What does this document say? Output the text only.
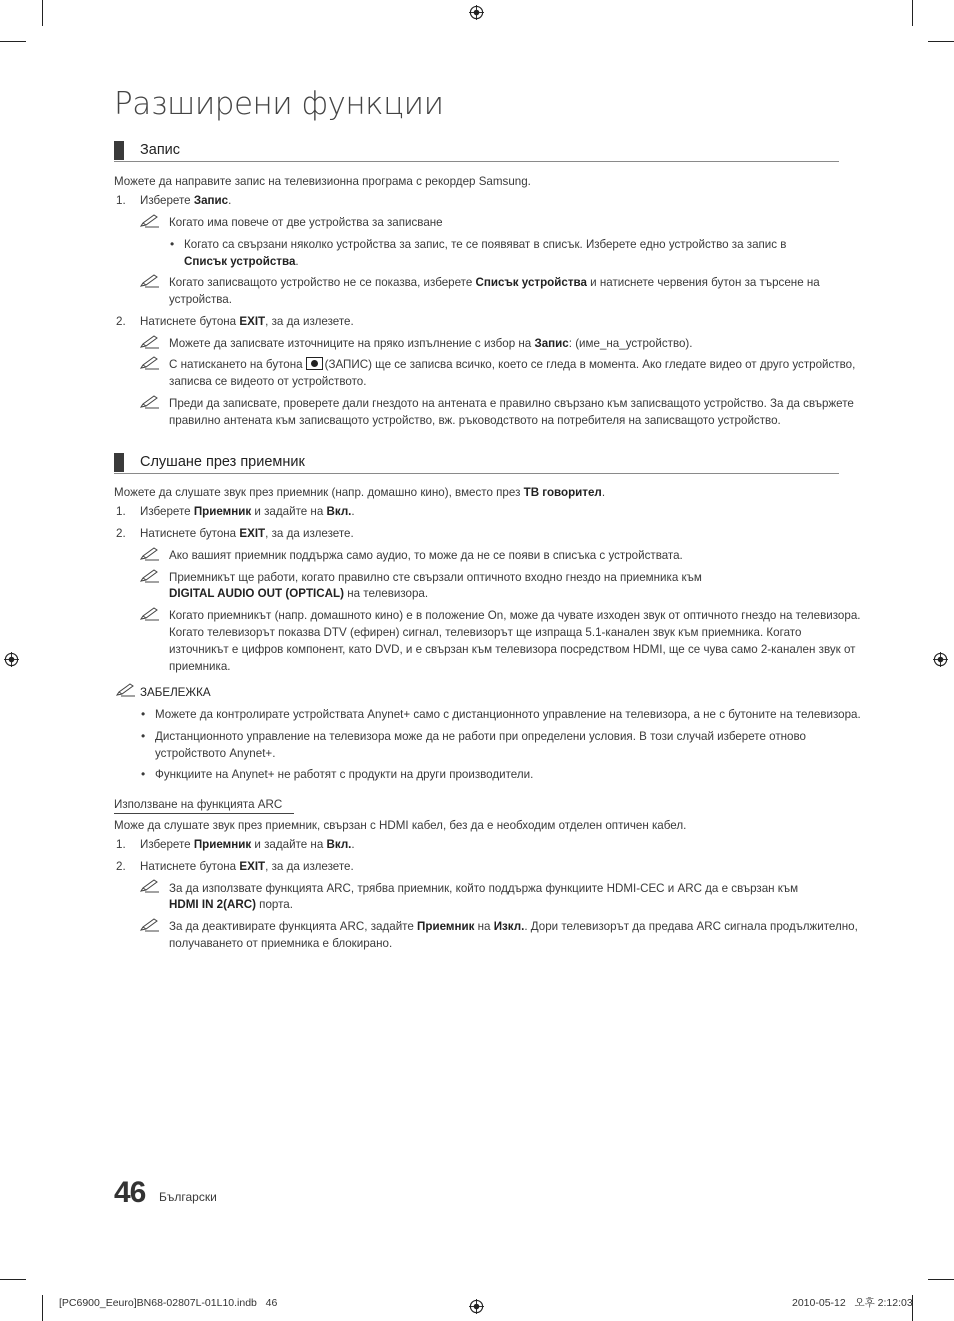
Разширени функции
Запис
Можете да направите запис на телевизионна програма с рекордер Samsung.
1.	Изберете Запис.
Когато има повече от две устройства за записване
• Когато са свързани няколко устройства за запис, те се появяват в списък. Изберете едно устройство за запис в
Списък устройства.
Когато записващото устройство не се показва, изберете Списък устройства и натиснете червения бутон за търсене на
устройства.
2.	Натиснете бутона EXIT, за да излезете.
Можете да записвате източниците на пряко изпълнение с избор на Запис: (име_на_устройство).
С натискането на бутона (ЗАПИС) ще се записва всичко, което се гледа в момента. Ако гледате видео от друго устройство,
записва се видеото от устройството.
Преди да записвате, проверете дали гнездото на антената е правилно свързано към записващото устройство. За да свържете
правилно антената към записващото устройство, вж. ръководството на потребителя на записващото устройство.
Слушане през приемник
Можете да слушате звук през приемник (напр. домашно кино), вместо през ТВ говорител.
1.	Изберете Приемник и задайте на Вкл..
2.	Натиснете бутона EXIT, за да излезете.
Ако вашият приемник поддържа само аудио, то може да не се появи в списъка с устройствата.
Приемникът ще работи, когато правилно сте свързали оптичното входно гнездо на приемника към
DIGITAL AUDIO OUT (OPTICAL) на телевизора.
Когато приемникът (напр. домашното кино) е в положение On, може да чувате изходен звук от оптичното гнездо на телевизора.
Когато телевизорът показва DTV (ефирен) сигнал, телевизорът ще изпраща 5.1-канален звук към приемника. Когато
източникът е цифров компонент, като DVD, и е свързан към телевизора посредством HDMI, ще се чува само 2-канален звук от
приемника.
ЗАБЕЛЕЖКА
• Можете да контролирате устройствата Anynet+ само с дистанционното управление на телевизора, а не с бутоните на телевизора.
• Дистанционното управление на телевизора може да не работи при определени условия. В този случай изберете отново
устройството Anynet+.
• Функциите на Anynet+ не работят с продукти на други производители.
Използване на функцията ARC
Може да слушате звук през приемник, свързан с HDMI кабел, без да е необходим отделен оптичен кабел.
1.	Изберете Приемник и задайте на Вкл..
2.	Натиснете бутона EXIT, за да излезете.
За да използвате функцията ARC, трябва приемник, който поддържа функциите HDMI-CEC и ARC да е свързан към
HDMI IN 2(ARC) порта.
За да деактивирате функцията ARC, задайте Приемник на Изкл.. Дори телевизорът да предава ARC сигнала продължително,
получаването от приемника е блокирано.
46 Български
[PC6900_Eeuro]BN68-02807L-01L10.indb   46	2010-05-12   오후 2:12:03
